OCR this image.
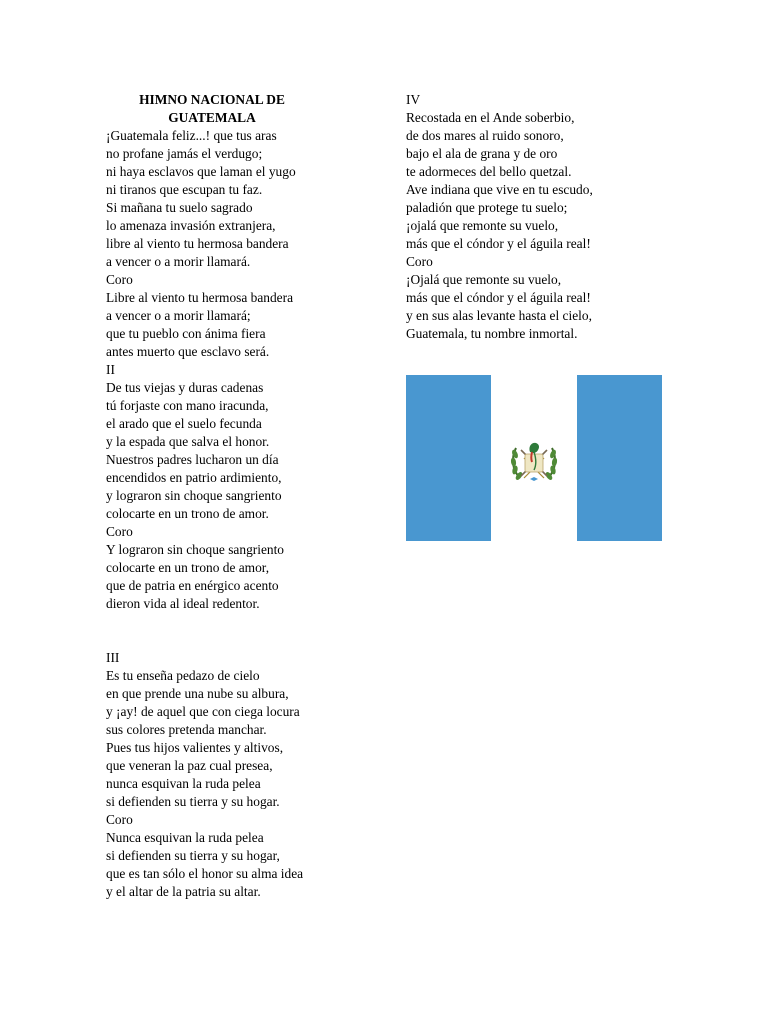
HIMNO NACIONAL DE
GUATEMALA
¡Guatemala feliz...! que tus aras
no profane jamás el verdugo;
ni haya esclavos que laman el yugo
ni tiranos que escupan tu faz.
Si mañana tu suelo sagrado
lo amenaza invasión extranjera,
libre al viento tu hermosa bandera
a vencer o a morir llamará.
Coro
Libre al viento tu hermosa bandera
a vencer o a morir llamará;
que tu pueblo con ánima fiera
antes muerto que esclavo será.
II
De tus viejas y duras cadenas
tú forjaste con mano iracunda,
el arado que el suelo fecunda
y la espada que salva el honor.
Nuestros padres lucharon un día
encendidos en patrio ardimiento,
y lograron sin choque sangriento
colocarte en un trono de amor.
Coro
Y lograron sin choque sangriento
colocarte en un trono de amor,
que de patria en enérgico acento
dieron vida al ideal redentor.
III
Es tu enseña pedazo de cielo
en que prende una nube su albura,
y ¡ay! de aquel que con ciega locura
sus colores pretenda manchar.
Pues tus hijos valientes y altivos,
que veneran la paz cual presea,
nunca esquivan la ruda pelea
si defienden su tierra y su hogar.
Coro
Nunca esquivan la ruda pelea
si defienden su tierra y su hogar,
que es tan sólo el honor su alma idea
y el altar de la patria su altar.
IV
Recostada en el Ande soberbio,
de dos mares al ruido sonoro,
bajo el ala de grana y de oro
te adormeces del bello quetzal.
Ave indiana que vive en tu escudo,
paladión que protege tu suelo;
¡ojalá que remonte su vuelo,
más que el cóndor y el águila real!
Coro
¡Ojalá que remonte su vuelo,
más que el cóndor y el águila real!
y en sus alas levante hasta el cielo,
Guatemala, tu nombre inmortal.
